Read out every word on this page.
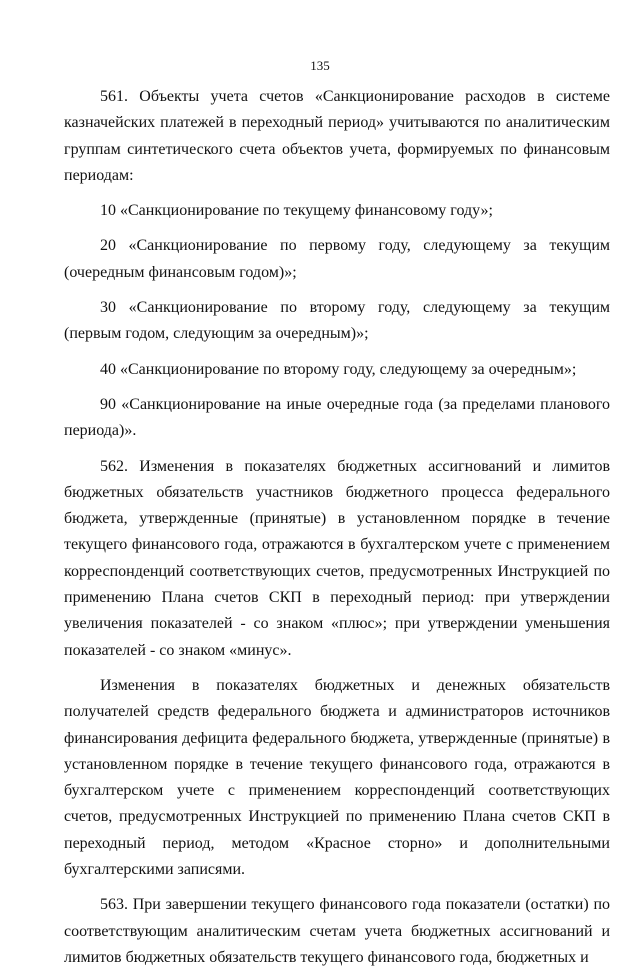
135

561. Объекты учета счетов «Санкционирование расходов в системе казначейских платежей в переходный период» учитываются по аналитическим группам синтетического счета объектов учета, формируемых по финансовым периодам:

10 «Санкционирование по текущему финансовому году»;

20 «Санкционирование по первому году, следующему за текущим (очередным финансовым годом)»;

30 «Санкционирование по второму году, следующему за текущим (первым годом, следующим за очередным)»;

40 «Санкционирование по второму году, следующему за очередным»;

90 «Санкционирование на иные очередные года (за пределами планового периода)».

562. Изменения в показателях бюджетных ассигнований и лимитов бюджетных обязательств участников бюджетного процесса федерального бюджета, утвержденные (принятые) в установленном порядке в течение текущего финансового года, отражаются в бухгалтерском учете с применением корреспонденций соответствующих счетов, предусмотренных Инструкцией по применению Плана счетов СКП в переходный период: при утверждении увеличения показателей - со знаком «плюс»; при утверждении уменьшения показателей - со знаком «минус».

Изменения в показателях бюджетных и денежных обязательств получателей средств федерального бюджета и администраторов источников финансирования дефицита федерального бюджета, утвержденные (принятые) в установленном порядке в течение текущего финансового года, отражаются в бухгалтерском учете с применением корреспонденций соответствующих счетов, предусмотренных Инструкцией по применению Плана счетов СКП в переходный период, методом «Красное сторно» и дополнительными бухгалтерскими записями.

563. При завершении текущего финансового года показатели (остатки) по соответствующим аналитическим счетам учета бюджетных ассигнований и лимитов бюджетных обязательств текущего финансового года, бюджетных и
